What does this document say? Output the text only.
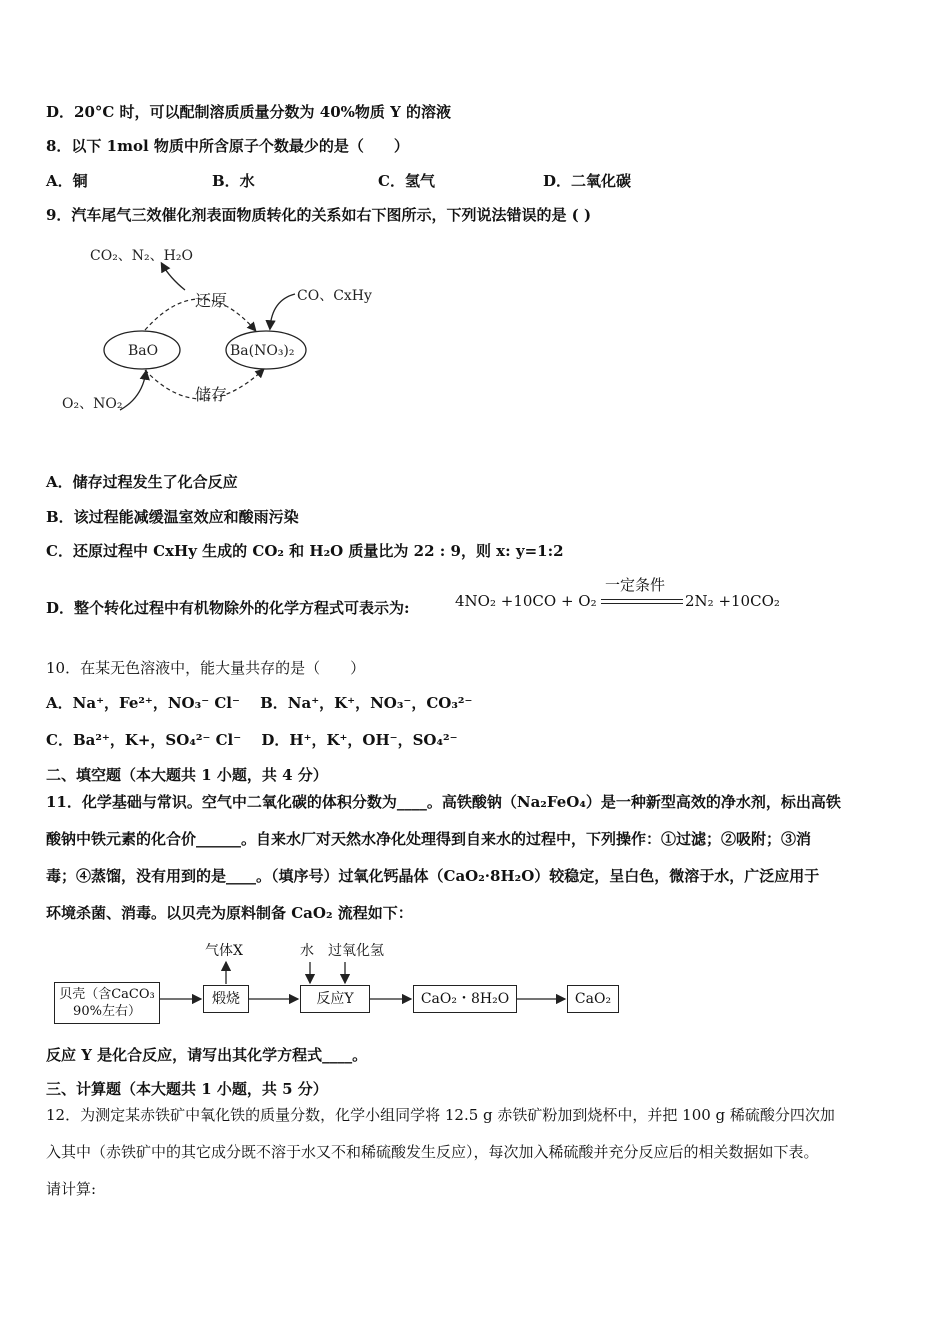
D．20°C 时，可以配制溶质质量分数为 40%物质 Y 的溶液
8．以下 1mol 物质中所含原子个数最少的是（　　）
A．铜	B．水	C．氢气	D．二氧化碳
9．汽车尾气三效催化剂表面物质转化的关系如右下图所示，下列说法错误的是 ( )
CO₂、N₂、H₂O
还原	CO、CxHy
BaO	Ba(NO₃)₂
储存
O₂、NO₂
A．储存过程发生了化合反应
B．该过程能减缓温室效应和酸雨污染
C．还原过程中 CxHy 生成的 CO₂ 和 H₂O 质量比为 22 : 9，则 x: y=1:2
D．整个转化过程中有机物除外的化学方程式可表示为:	4NO₂ +10CO + O₂
一定条件
2N₂ +10CO₂
10．在某无色溶液中，能大量共存的是（　　）
A．Na⁺，Fe²⁺，NO₃⁻ Cl⁻　 B．Na⁺，K⁺，NO₃⁻，CO₃²⁻
C．Ba²⁺，K+，SO₄²⁻ Cl⁻　 D．H⁺，K⁺，OH⁻，SO₄²⁻
二、填空题（本大题共 1 小题，共 4 分）
11．化学基础与常识。空气中二氧化碳的体积分数为____。高铁酸钠（Na₂FeO₄）是一种新型高效的净水剂，标出高铁
酸钠中铁元素的化合价______。自来水厂对天然水净化处理得到自来水的过程中，下列操作：①过滤；②吸附；③消
毒；④蒸馏，没有用到的是____。（填序号）过氧化钙晶体（CaO₂·8H₂O）较稳定，呈白色，微溶于水，广泛应用于
环境杀菌、消毒。以贝壳为原料制备 CaO₂ 流程如下：
贝壳（含CaCO₃ 90%左右）
气体X
煅烧
水　过氧化氢
反应Y	CaO₂・8H₂O	CaO₂
反应 Y 是化合反应，请写出其化学方程式____。
三、计算题（本大题共 1 小题，共 5 分）
12．为测定某赤铁矿中氧化铁的质量分数，化学小组同学将 12.5 g 赤铁矿粉加到烧杯中，并把 100 g 稀硫酸分四次加
入其中（赤铁矿中的其它成分既不溶于水又不和稀硫酸发生反应），每次加入稀硫酸并充分反应后的相关数据如下表。
请计算:
